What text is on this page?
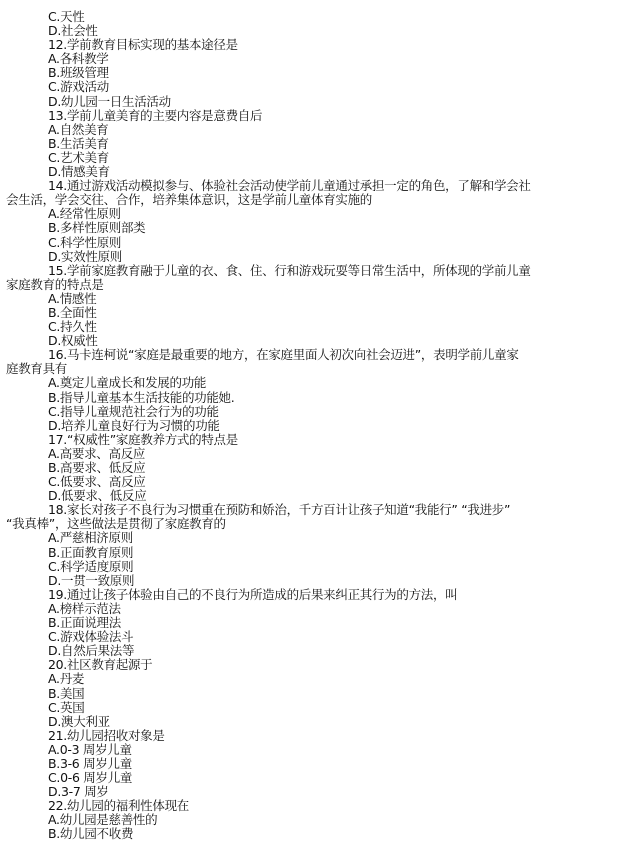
C.天性
D.社会性
12.学前教育目标实现的基本途径是
A.各科教学
B.班级管理
C.游戏活动
D.幼儿园一日生活活动
13.学前儿童美育的主要内容是意费自后
A.自然美育
B.生活美育
C.艺术美育
D.情感美育
14.通过游戏活动模拟参与、体验社会活动使学前儿童通过承担一定的角色，了解和学会社
会生活，学会交往、合作，培养集体意识，这是学前儿童体育实施的
A.经常性原则
B.多样性原则部类
C.科学性原则
D.实效性原则
15.学前家庭教育融于儿童的衣、食、住、行和游戏玩耍等日常生活中，所体现的学前儿童
家庭教育的特点是
A.情感性
B.全面性
C.持久性
D.权威性
16.马卡连柯说“家庭是最重要的地方，在家庭里面人初次向社会迈进”，表明学前儿童家
庭教育具有
A.奠定儿童成长和发展的功能
B.指导儿童基本生活技能的功能她.
C.指导儿童规范社会行为的功能
D.培养儿童良好行为习惯的功能
17.“权威性”家庭教养方式的特点是
A.高要求、高反应
B.高要求、低反应
C.低要求、高反应
D.低要求、低反应
18.家长对孩子不良行为习惯重在预防和娇治，千方百计让孩子知道“我能行” “我进步”
“我真棒”，这些做法是贯彻了家庭教育的
A.严慈相济原则
B.正面教育原则
C.科学适度原则
D.一贯一致原则
19.通过让孩子体验由自己的不良行为所造成的后果来纠正其行为的方法，叫
A.榜样示范法
B.正面说理法
C.游戏体验法斗
D.自然后果法等
20.社区教育起源于
A.丹麦
B.美国
C.英国
D.澳大利亚
21.幼儿园招收对象是
A.0-3 周岁儿童
B.3-6 周岁儿童
C.0-6 周岁儿童
D.3-7 周岁
22.幼儿园的福利性体现在
A.幼儿园是慈善性的
B.幼儿园不收费
